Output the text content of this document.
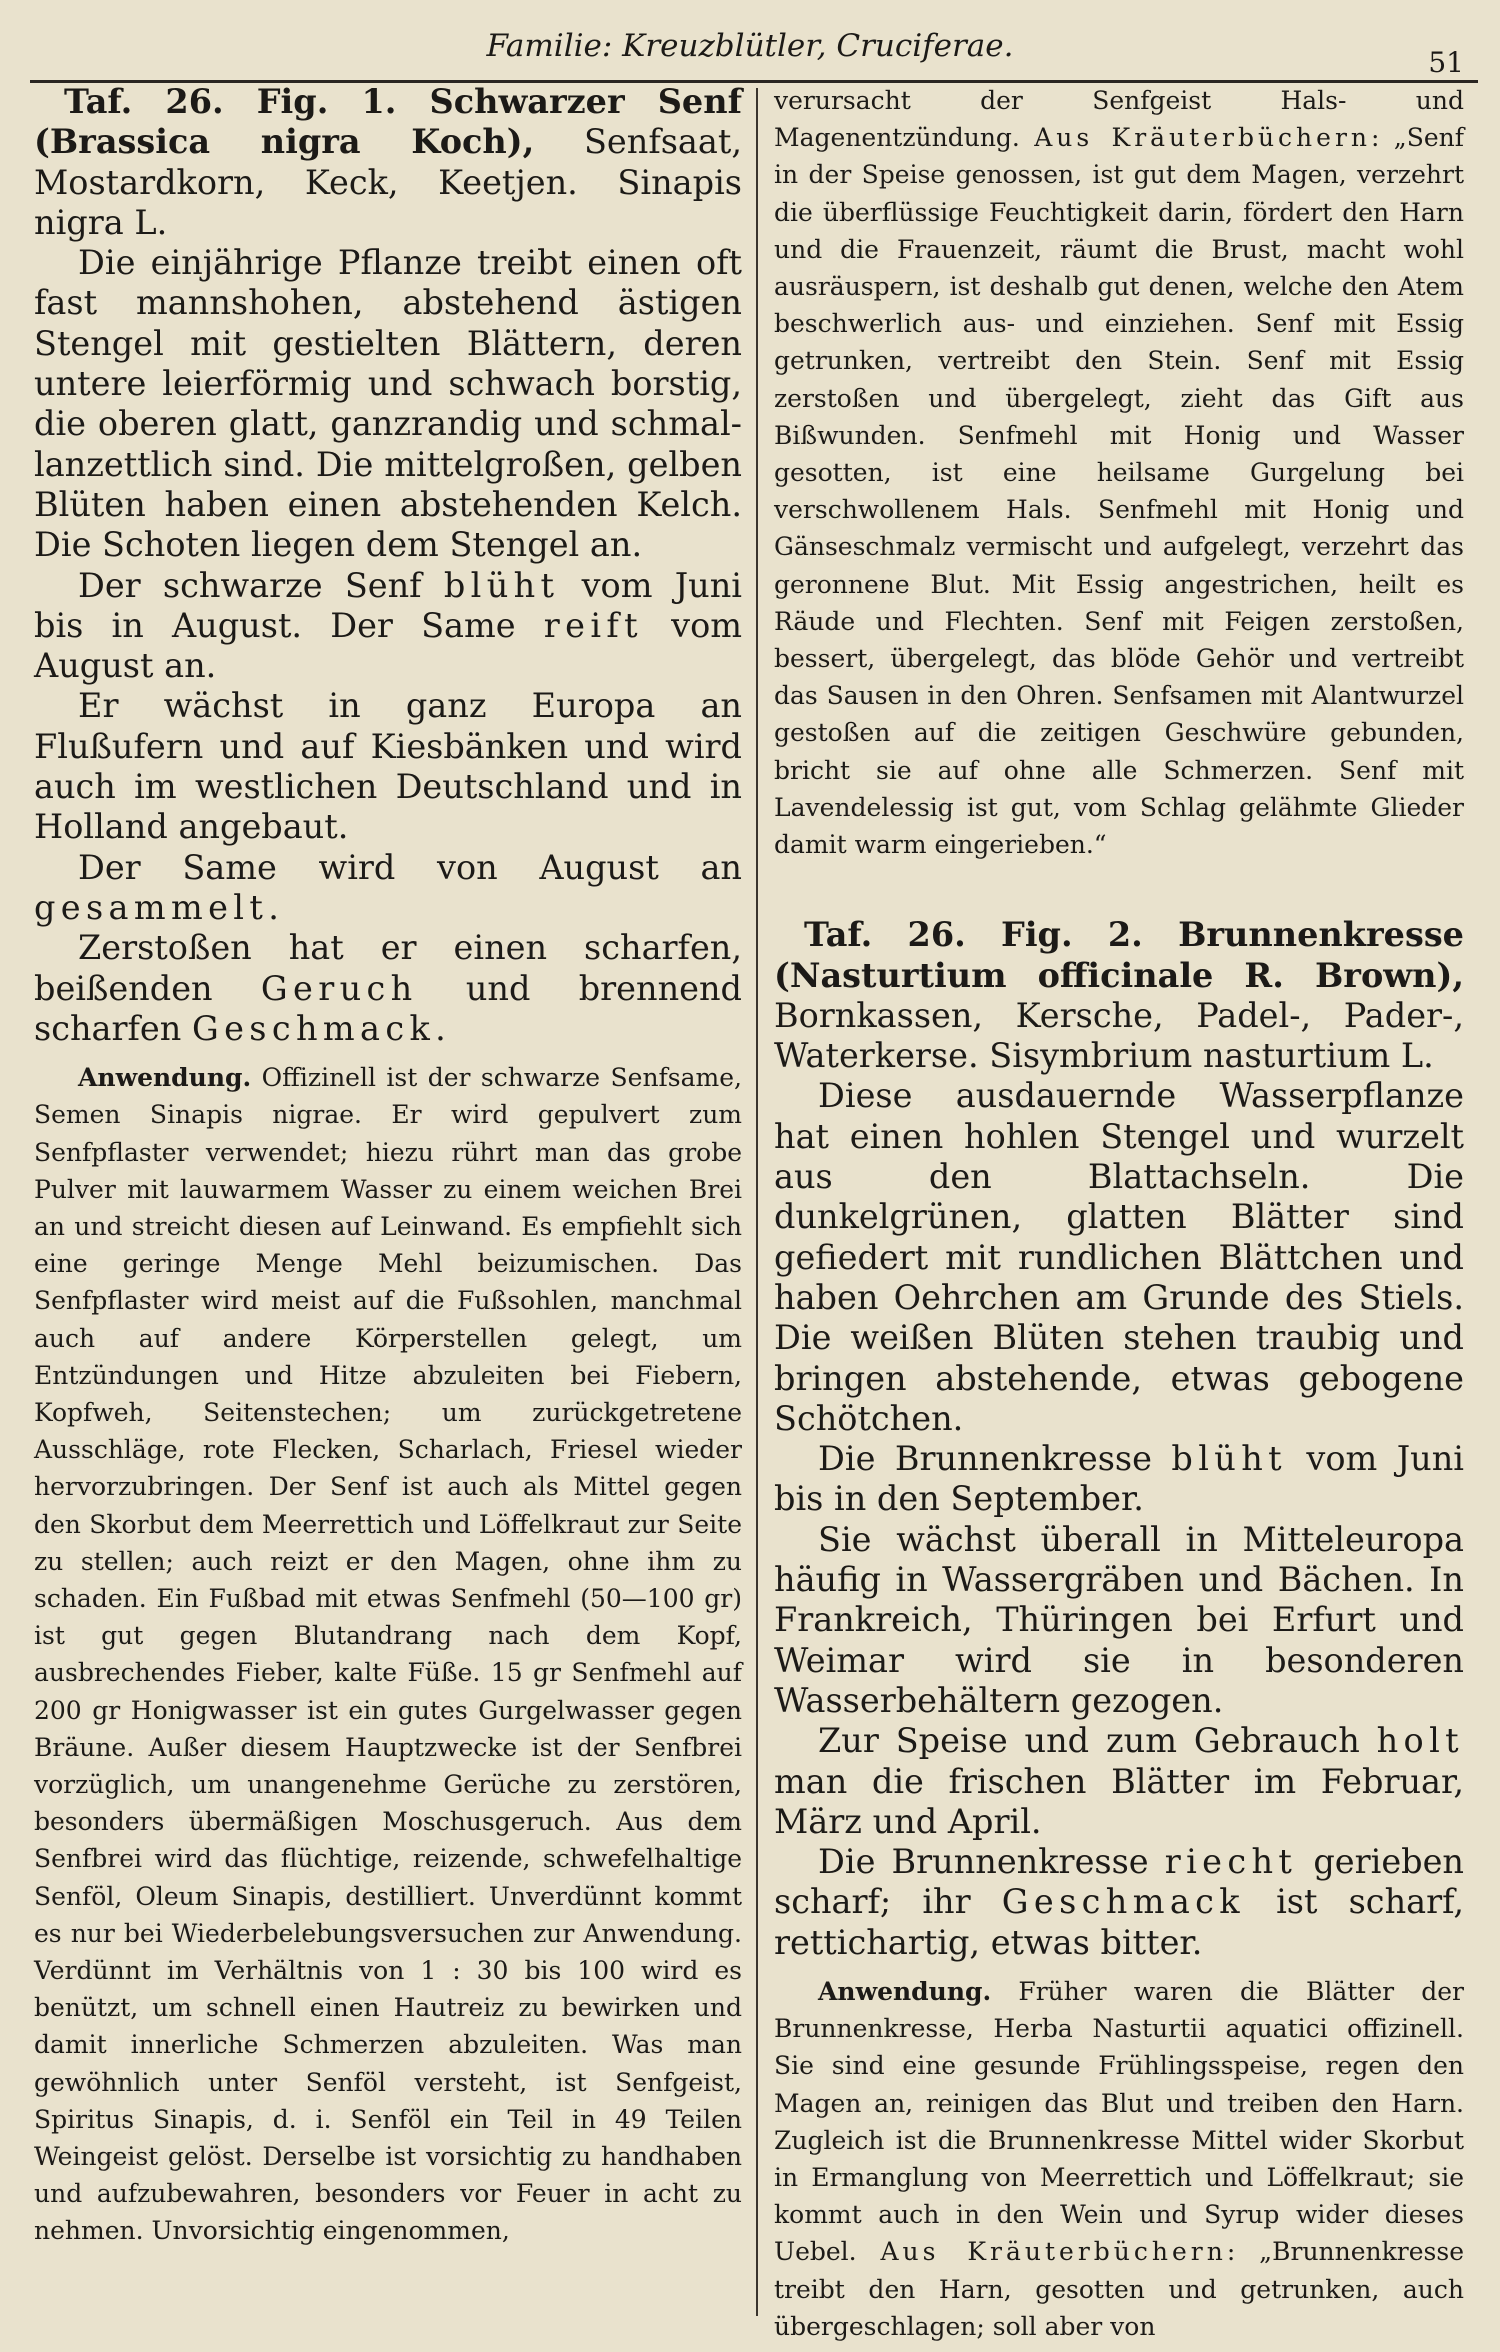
Familie: Kreuzblütler, Cruciferae.	51

Taf. 26. Fig. 1. Schwarzer Senf (Brassica nigra Koch), Senfsaat, Mostardkorn, Keck, Keetjen. Sinapis nigra L.

Die einjährige Pflanze treibt einen oft fast mannshohen, abstehend ästigen Stengel mit gestielten Blättern, deren untere leierförmig und schwach borstig, die oberen glatt, ganzrandig und schmal-lanzettlich sind. Die mittelgroßen, gelben Blüten haben einen abstehenden Kelch. Die Schoten liegen dem Stengel an.

Der schwarze Senf blüht vom Juni bis in August. Der Same reift vom August an.

Er wächst in ganz Europa an Flußufern und auf Kiesbänken und wird auch im westlichen Deutschland und in Holland angebaut.

Der Same wird von August an gesammelt.

Zerstoßen hat er einen scharfen, beißenden Geruch und brennend scharfen Geschmack.

Anwendung. Offizinell ist der schwarze Senfsame, Semen Sinapis nigrae. Er wird gepulvert zum Senfpflaster verwendet; hiezu rührt man das grobe Pulver mit lauwarmem Wasser zu einem weichen Brei an und streicht diesen auf Leinwand. Es empfiehlt sich eine geringe Menge Mehl beizumischen. Das Senfpflaster wird meist auf die Fußsohlen, manchmal auch auf andere Körperstellen gelegt, um Entzündungen und Hitze abzuleiten bei Fiebern, Kopfweh, Seitenstechen; um zurückgetretene Ausschläge, rote Flecken, Scharlach, Friesel wieder hervorzubringen. Der Senf ist auch als Mittel gegen den Skorbut dem Meerrettich und Löffelkraut zur Seite zu stellen; auch reizt er den Magen, ohne ihm zu schaden. Ein Fußbad mit etwas Senfmehl (50—100 gr) ist gut gegen Blutandrang nach dem Kopf, ausbrechendes Fieber, kalte Füße. 15 gr Senfmehl auf 200 gr Honigwasser ist ein gutes Gurgelwasser gegen Bräune. Außer diesem Hauptzwecke ist der Senfbrei vorzüglich, um unangenehme Gerüche zu zerstören, besonders übermäßigen Moschusgeruch. Aus dem Senfbrei wird das flüchtige, reizende, schwefelhaltige Senföl, Oleum Sinapis, destilliert. Unverdünnt kommt es nur bei Wiederbelebungsversuchen zur Anwendung. Verdünnt im Verhältnis von 1 : 30 bis 100 wird es benützt, um schnell einen Hautreiz zu bewirken und damit innerliche Schmerzen abzuleiten. Was man gewöhnlich unter Senföl versteht, ist Senfgeist, Spiritus Sinapis, d. i. Senföl ein Teil in 49 Teilen Weingeist gelöst. Derselbe ist vorsichtig zu handhaben und aufzubewahren, besonders vor Feuer in acht zu nehmen. Unvorsichtig eingenommen,

verursacht der Senfgeist Hals- und Magenentzündung. Aus Kräuterbüchern: „Senf in der Speise genossen, ist gut dem Magen, verzehrt die überflüssige Feuchtigkeit darin, fördert den Harn und die Frauenzeit, räumt die Brust, macht wohl ausräuspern, ist deshalb gut denen, welche den Atem beschwerlich aus- und einziehen. Senf mit Essig getrunken, vertreibt den Stein. Senf mit Essig zerstoßen und übergelegt, zieht das Gift aus Bißwunden. Senfmehl mit Honig und Wasser gesotten, ist eine heilsame Gurgelung bei verschwollenem Hals. Senfmehl mit Honig und Gänseschmalz vermischt und aufgelegt, verzehrt das geronnene Blut. Mit Essig angestrichen, heilt es Räude und Flechten. Senf mit Feigen zerstoßen, bessert, übergelegt, das blöde Gehör und vertreibt das Sausen in den Ohren. Senfsamen mit Alantwurzel gestoßen auf die zeitigen Geschwüre gebunden, bricht sie auf ohne alle Schmerzen. Senf mit Lavendelessig ist gut, vom Schlag gelähmte Glieder damit warm eingerieben.“

Taf. 26. Fig. 2. Brunnenkresse (Nasturtium officinale R. Brown), Bornkassen, Kersche, Padel-, Pader-, Waterkerse. Sisymbrium nasturtium L.

Diese ausdauernde Wasserpflanze hat einen hohlen Stengel und wurzelt aus den Blattachseln. Die dunkelgrünen, glatten Blätter sind gefiedert mit rundlichen Blättchen und haben Oehrchen am Grunde des Stiels. Die weißen Blüten stehen traubig und bringen abstehende, etwas gebogene Schötchen.

Die Brunnenkresse blüht vom Juni bis in den September.

Sie wächst überall in Mitteleuropa häufig in Wassergräben und Bächen. In Frankreich, Thüringen bei Erfurt und Weimar wird sie in besonderen Wasserbehältern gezogen.

Zur Speise und zum Gebrauch holt man die frischen Blätter im Februar, März und April.

Die Brunnenkresse riecht gerieben scharf; ihr Geschmack ist scharf, rettichartig, etwas bitter.

Anwendung. Früher waren die Blätter der Brunnenkresse, Herba Nasturtii aquatici offizinell. Sie sind eine gesunde Frühlingsspeise, regen den Magen an, reinigen das Blut und treiben den Harn. Zugleich ist die Brunnenkresse Mittel wider Skorbut in Ermanglung von Meerrettich und Löffelkraut; sie kommt auch in den Wein und Syrup wider dieses Uebel. Aus Kräuterbüchern: „Brunnenkresse treibt den Harn, gesotten und getrunken, auch übergeschlagen; soll aber von
